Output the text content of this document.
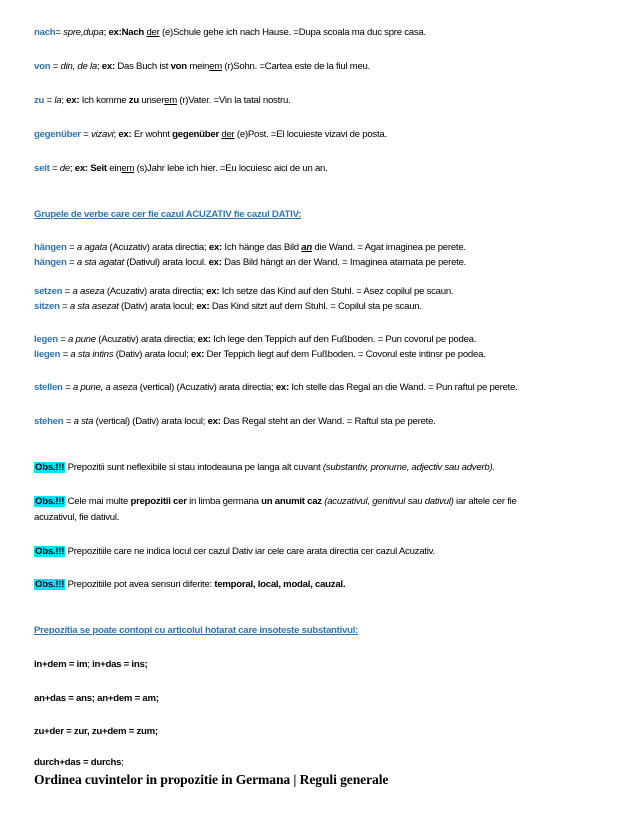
nach= spre,dupa; ex:Nach der (e)Schule gehe ich nach Hause. =Dupa scoala ma duc spre casa.
von = din, de la; ex: Das Buch ist von meinem (r)Sohn. =Cartea este de la fiul meu.
zu = la; ex: Ich komme zu unserem (r)Vater. =Vin la tatal nostru.
gegenüber = vizavi; ex: Er wohnt gegenüber der (e)Post. =El locuieste vizavi de posta.
seit = de; ex: Seit einem (s)Jahr lebe ich hier. =Eu locuiesc aici de un an.
Grupele de verbe care cer fie cazul ACUZATIV fie cazul DATIV:
hängen = a agata (Acuzativ) arata directia; ex: Ich hänge das Bild an die Wand. = Agat imaginea pe perete.
hängen = a sta agatat (Dativul) arata locul. ex: Das Bild hängt an der Wand. = Imaginea atarnata pe perete.
setzen = a aseza (Acuzativ) arata directia; ex: Ich setze das Kind auf den Stuhl. = Asez copilul pe scaun.
sitzen = a sta asezat (Dativ) arata locul; ex: Das Kind sitzt auf dem Stuhl. = Copilul sta pe scaun.
legen = a pune (Acuzativ) arata directia; ex: Ich lege den Teppich auf den Fußboden. = Pun covorul pe podea.
liegen = a sta intins (Dativ) arata locul; ex: Der Teppich liegt auf dem Fußboden. = Covorul este intinsr pe podea.
stellen = a pune, a aseza (vertical) (Acuzativ) arata directia; ex: Ich stelle das Regal an die Wand. = Pun raftul pe perete.
stehen = a sta (vertical) (Dativ) arata locul; ex: Das Regal steht an der Wand. = Raftul sta pe perete.
Obs.!!! Prepozitii sunt neflexibile si stau intodeauna pe langa alt cuvant (substantiv, pronume, adjectiv sau adverb).
Obs.!!! Cele mai multe prepozitii cer in limba germana un anumit caz (acuzativul, genitivul sau dativul) iar altele cer fie
acuzativul, fie dativul.
Obs.!!! Prepozitiile care ne indica locul cer cazul Dativ iar cele care arata directia cer cazul Acuzativ.
Obs.!!! Prepozitiile pot avea sensuri diferite: temporal, local, modal, cauzal.
Prepozitia se poate contopi cu articolul hotarat care insoteste substantivul:
in+dem = im; in+das = ins;
an+das = ans; an+dem = am;
zu+der = zur, zu+dem = zum;
durch+das = durchs;
Ordinea cuvintelor in propozitie in Germana | Reguli generale
